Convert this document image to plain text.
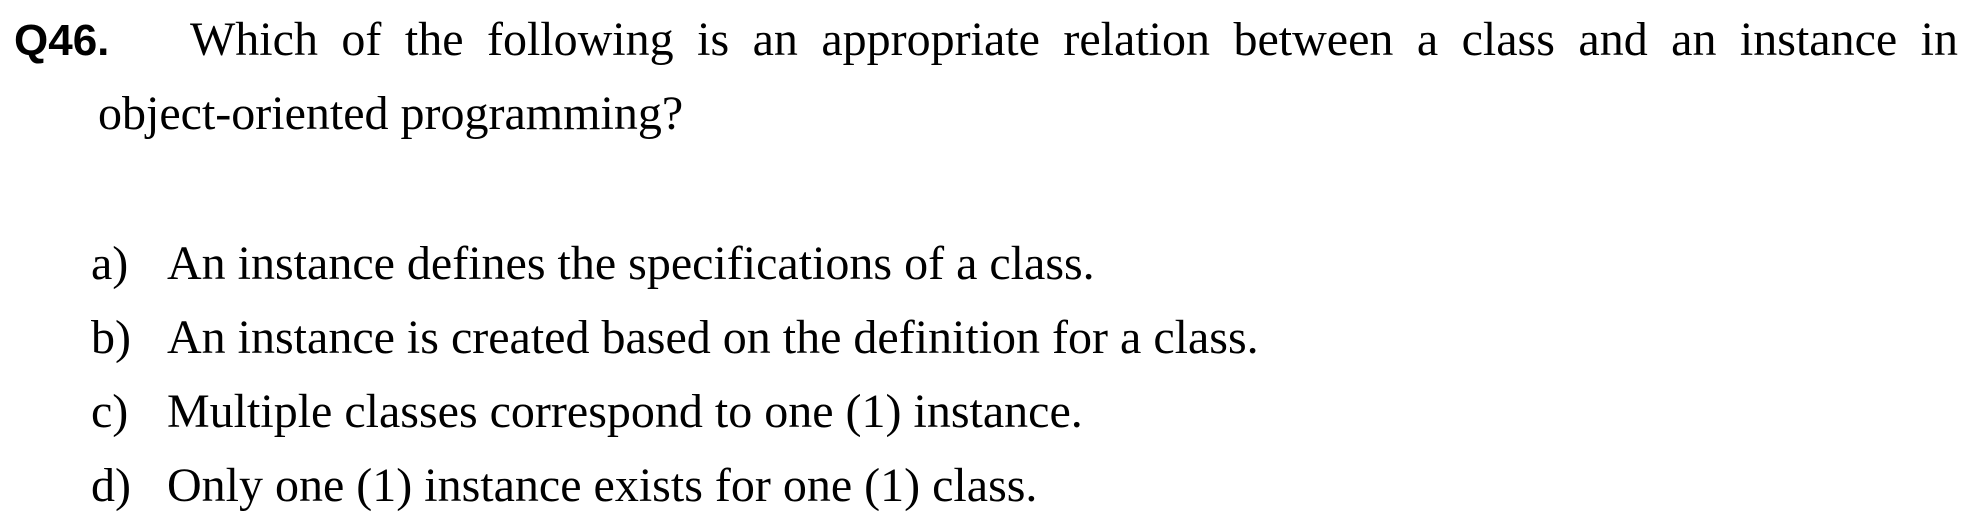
Q46.	Which of the following is an appropriate relation between a class and an instance in
object-oriented programming?
a) An instance defines the specifications of a class.
b) An instance is created based on the definition for a class.
c) Multiple classes correspond to one (1) instance.
d) Only one (1) instance exists for one (1) class.
